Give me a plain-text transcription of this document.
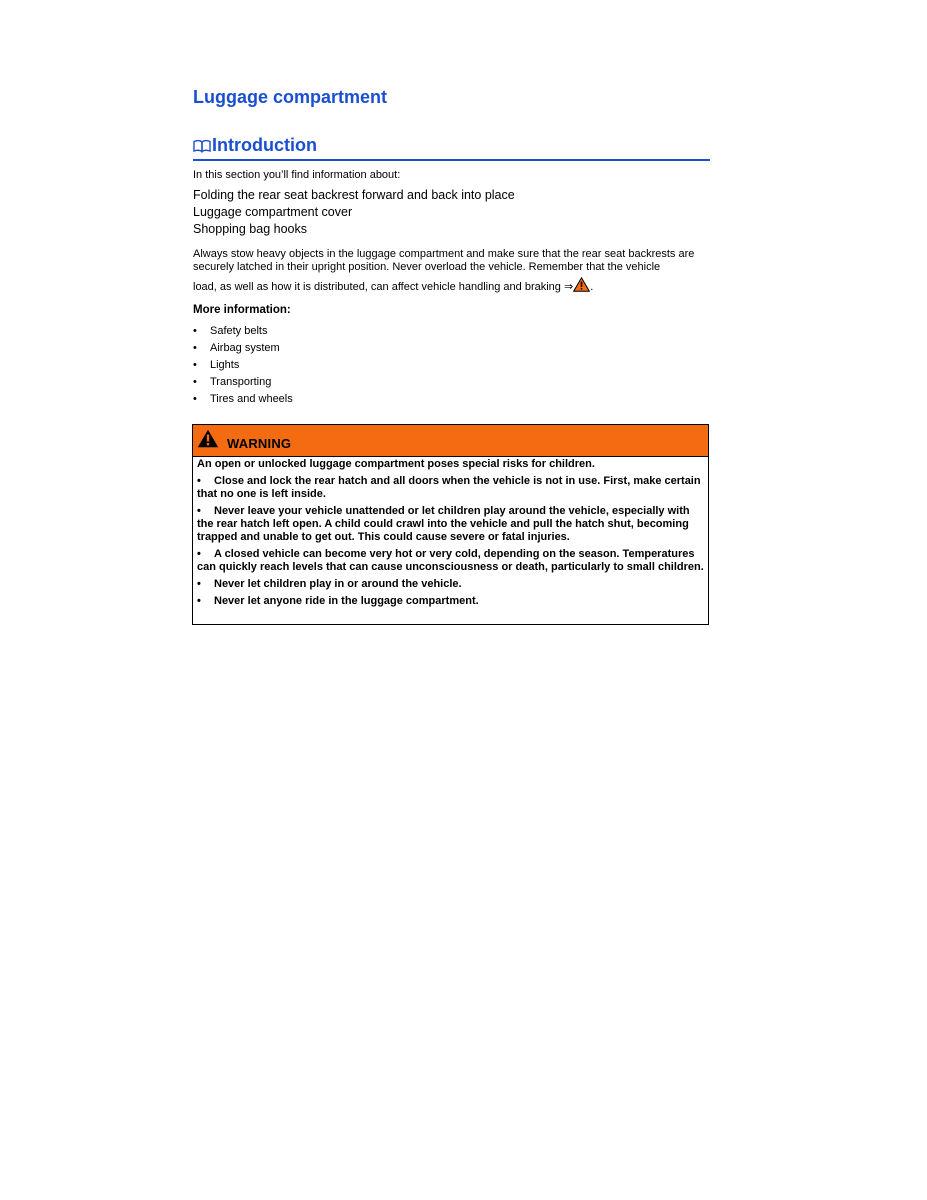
Luggage compartment
Introduction
In this section you’ll find information about:
Folding the rear seat backrest forward and back into place
Luggage compartment cover
Shopping bag hooks
Always stow heavy objects in the luggage compartment and make sure that the rear seat backrests are securely latched in their upright position. Never overload the vehicle. Remember that the vehicle
load, as well as how it is distributed, can affect vehicle handling and braking ⇒ .
More information:
• Safety belts
• Airbag system
• Lights
• Transporting
• Tires and wheels
WARNING

An open or unlocked luggage compartment poses special risks for children.

• Close and lock the rear hatch and all doors when the vehicle is not in use. First, make certain that no one is left inside.

• Never leave your vehicle unattended or let children play around the vehicle, especially with the rear hatch left open. A child could crawl into the vehicle and pull the hatch shut, becoming trapped and unable to get out. This could cause severe or fatal injuries.

• A closed vehicle can become very hot or very cold, depending on the season. Temperatures can quickly reach levels that can cause unconsciousness or death, particularly to small children.

• Never let children play in or around the vehicle.

• Never let anyone ride in the luggage compartment.
